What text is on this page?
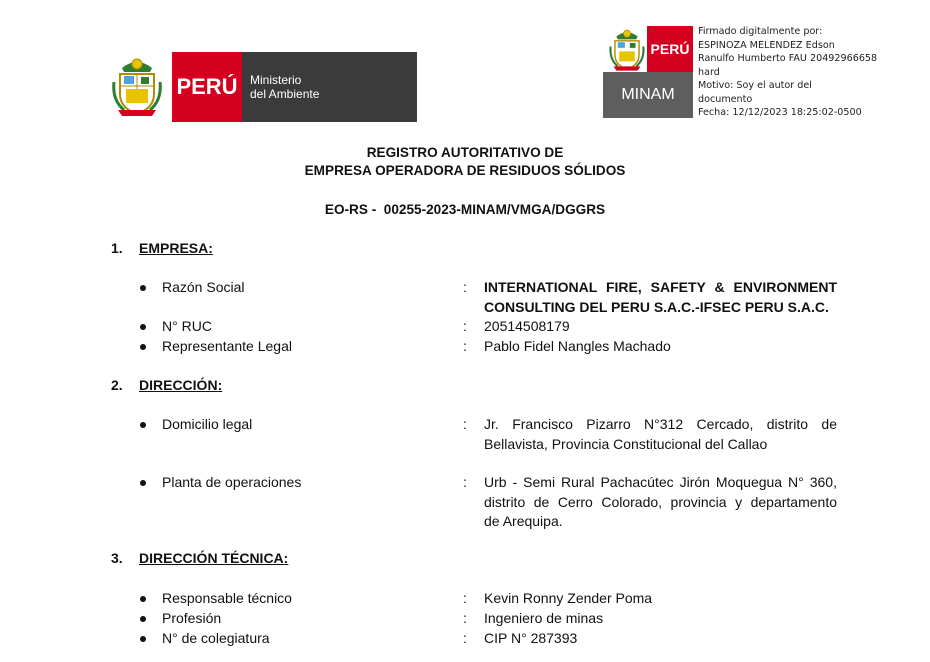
PERÚ Ministerio
del Ambiente
PERÚ
MINAM
Firmado digitalmente por:
ESPINOZA MELENDEZ Edson
Ranulfo Humberto FAU 20492966658
hard
Motivo: Soy el autor del
documento
Fecha: 12/12/2023 18:25:02-0500
REGISTRO AUTORITATIVO DE
EMPRESA OPERADORA DE RESIDUOS SÓLIDOS
EO-RS -  00255-2023-MINAM/VMGA/DGGRS
1. EMPRESA:
Razón Social	: INTERNATIONAL FIRE, SAFETY & ENVIRONMENT
CONSULTING DEL PERU S.A.C.-IFSEC PERU S.A.C.
N° RUC	: 20514508179
Representante Legal	: Pablo Fidel Nangles Machado
2. DIRECCIÓN:
Domicilio legal	: Jr. Francisco Pizarro N°312 Cercado, distrito de
Bellavista, Provincia Constitucional del Callao
Planta de operaciones	: Urb - Semi Rural Pachacútec Jirón Moquegua N° 360,
distrito de Cerro Colorado, provincia y departamento
de Arequipa.
3. DIRECCIÓN TÉCNICA:
Responsable técnico	: Kevin Ronny Zender Poma
Profesión	: Ingeniero de minas
N° de colegiatura	: CIP N° 287393
